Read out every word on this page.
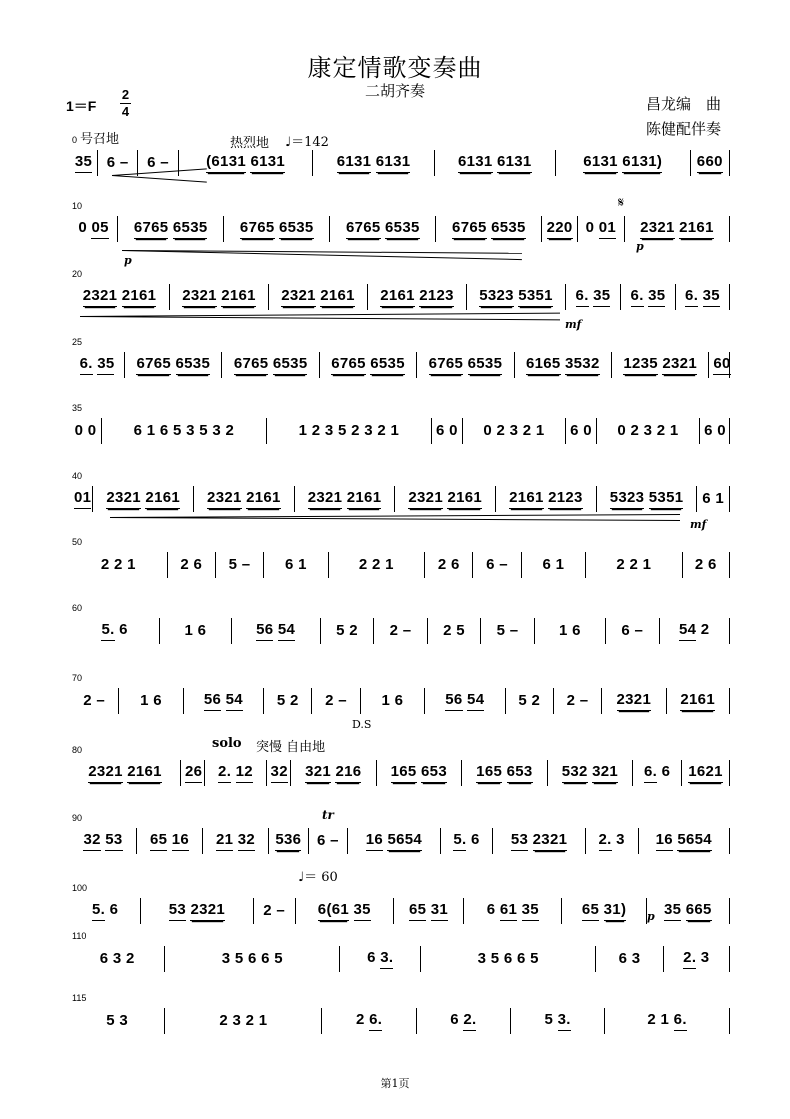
康定情歌变奏曲
二胡齐奏
1＝F
2
4	昌龙编　曲
陈健配伴奏
号召地	热烈地 ♩＝142
solo 突慢 自由地
D.S
𝄋
♩＝ 60
p
p
mf
mf
p
tr
35
0
6 – 6 – (6131 6131	6131 6131	6131 6131	6131 6131) 660
0 05
10
6765 6535 6765 6535 6765 6535 6765 6535 220 0 01 2321 2161
2321 2161
20
2321 2161 2321 2161 2161 2123 5323 5351 6. 35 6. 35 6. 35
6. 35
25
6765 6535 6765 6535 6765 6535 6765 6535 6165 3532 1235 2321 60
0 0
35
6 1 6 5 3 5 3 2	1 2 3 5 2 3 2 1 6 0 0 2 3 2 1 6 0 0 2 3 2 1 6 0
01
40
2321 2161 2321 2161 2321 2161 2321 2161 2161 2123 5323 5351 6 1
2 2 1
50
2 6 5 – 6 1	2 2 1	2 6 6 – 6 1	2 2 1	2 6
5. 6
60
1 6	56 54	5 2 2 – 2 5 5 –	1 6	6 – 54 2
2 –
70
1 6	56 54 5 2 2 – 1 6	56 54 5 2 2 – 2321 2161
2321 2161
80
26 2. 12 32 321 216 165 653 165 653 532 321 6. 6 1621
32 53
90
65 16 21 32 536 6 – 16 5654 5. 6 53 2321 2. 3 16 5654
5. 6
100
53 2321	2 – 6(61 35	65 31	6 61 35	65 31)	35 665
6 3 2
110
3 5 6 6 5	6 3.	3 5 6 6 5	6 3	2. 3
5 3
115
2 3 2 1	2 6.	6 2.	5 3.	2 1 6.
第1页
